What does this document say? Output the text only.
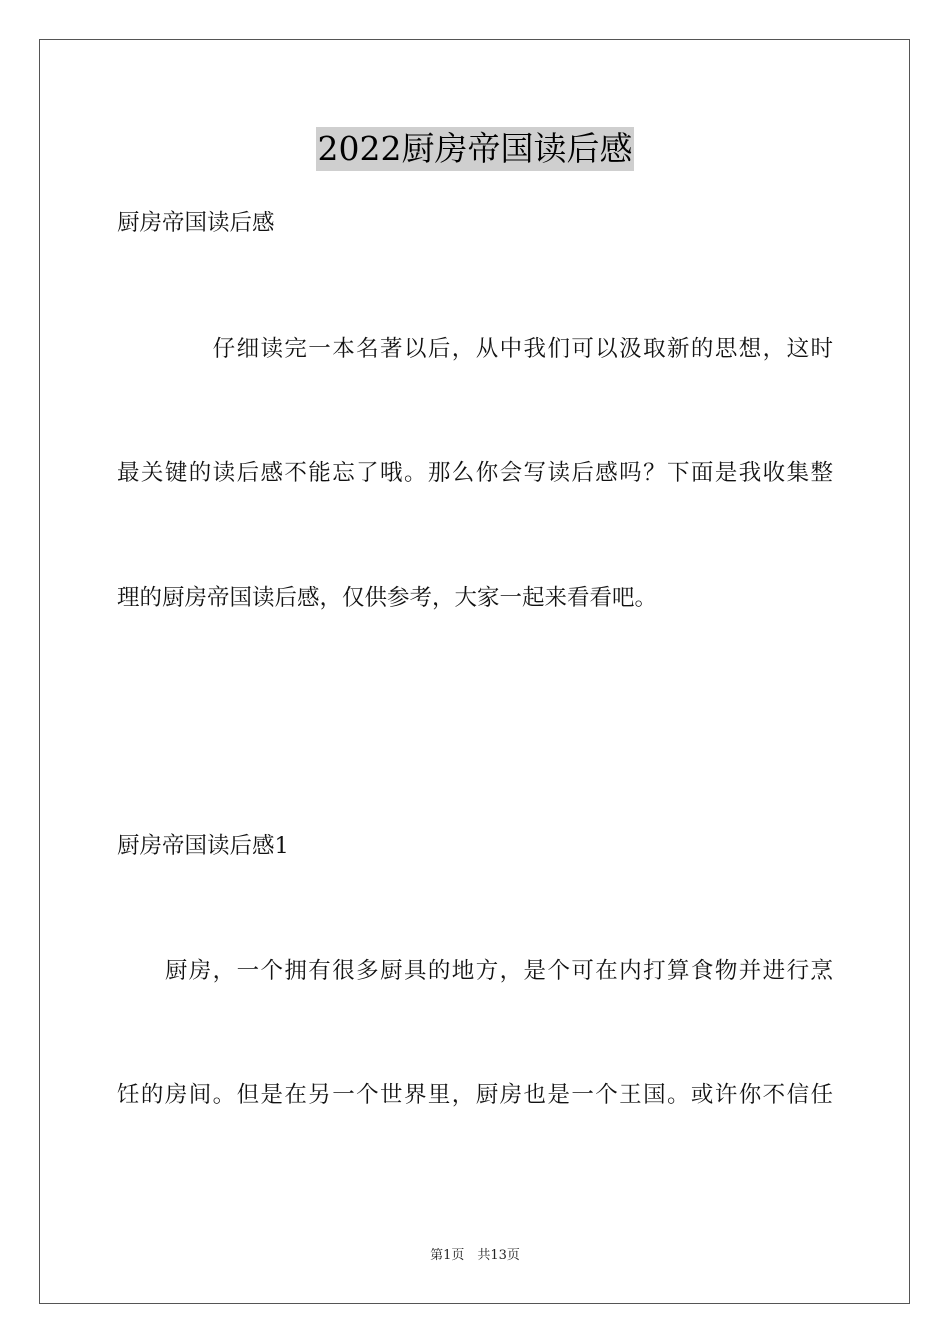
2022厨房帝国读后感
厨房帝国读后感
　　　　仔细读完一本名著以后，从中我们可以汲取新的思想，这时
最关键的读后感不能忘了哦。那么你会写读后感吗？下面是我收集整
理的厨房帝国读后感，仅供参考，大家一起来看看吧。
厨房帝国读后感1
　　厨房，一个拥有很多厨具的地方，是个可在内打算食物并进行烹
饪的房间。但是在另一个世界里，厨房也是一个王国。或许你不信任
第1页　共13页
